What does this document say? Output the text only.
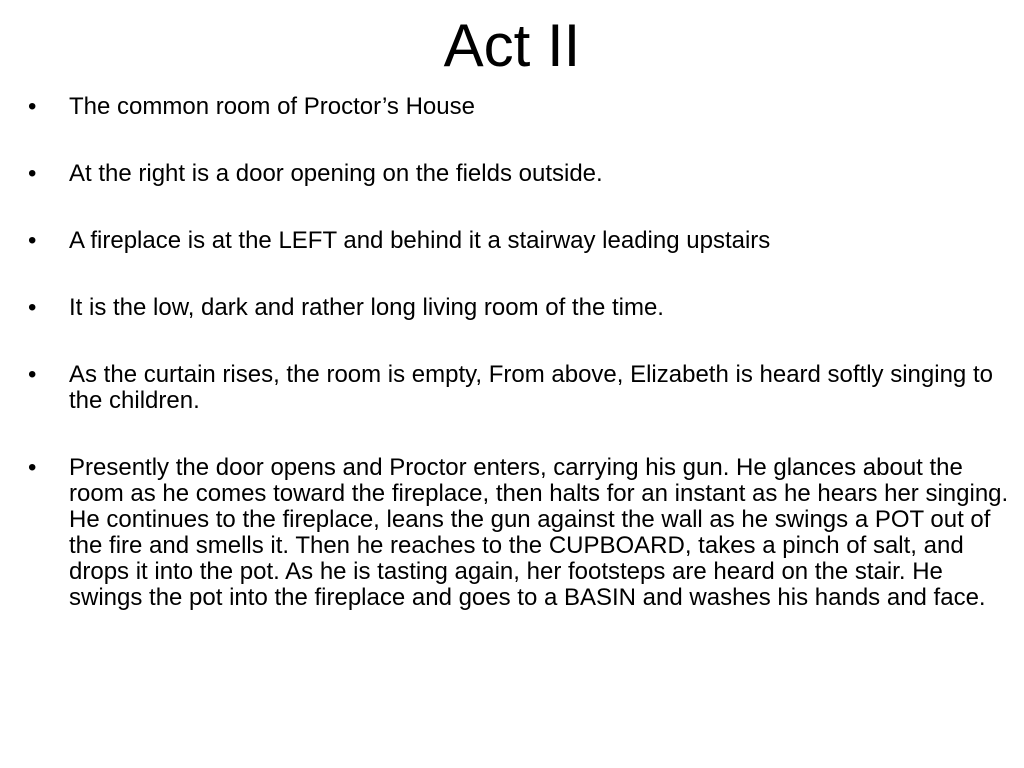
Act II
•	The common room of Proctor’s House
•	At the right is a door opening on the fields outside.
•	A fireplace is at the LEFT and behind it a stairway leading upstairs
•	It is the low, dark and rather long living room of the time.
•	As the curtain rises, the room is empty, From above, Elizabeth is heard softly singing to the children.
•	Presently the door opens and Proctor enters, carrying his gun. He glances about the room as he comes toward the fireplace, then halts for an instant as he hears her singing. He continues to the fireplace, leans the gun against the wall as he swings a POT out of the fire and smells it. Then he reaches to the CUPBOARD, takes a pinch of salt, and drops it into the pot. As he is tasting again, her footsteps are heard on the stair. He swings the pot into the fireplace and goes to a BASIN and washes his hands and face.
